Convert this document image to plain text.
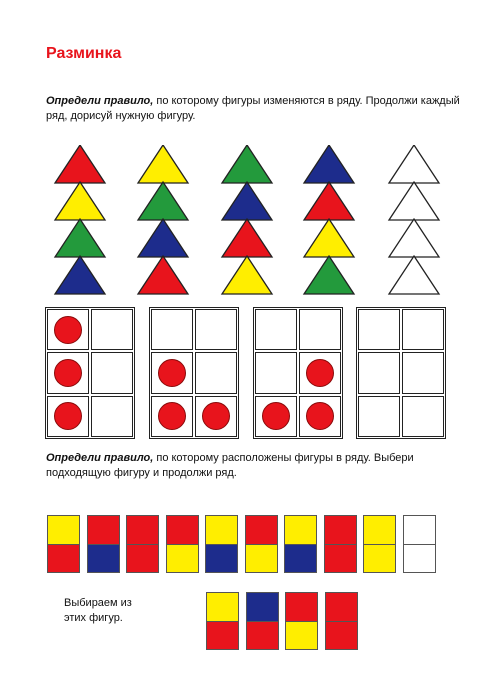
Разминка
Определи правило, по которому фигуры изменяются в ряду. Продолжи каждый ряд, дорисуй нужную фигуру.
Определи правило, по которому расположены фигуры в ряду. Выбери подходящую фигуру и продолжи ряд.
Выбираем из этих фигур.
